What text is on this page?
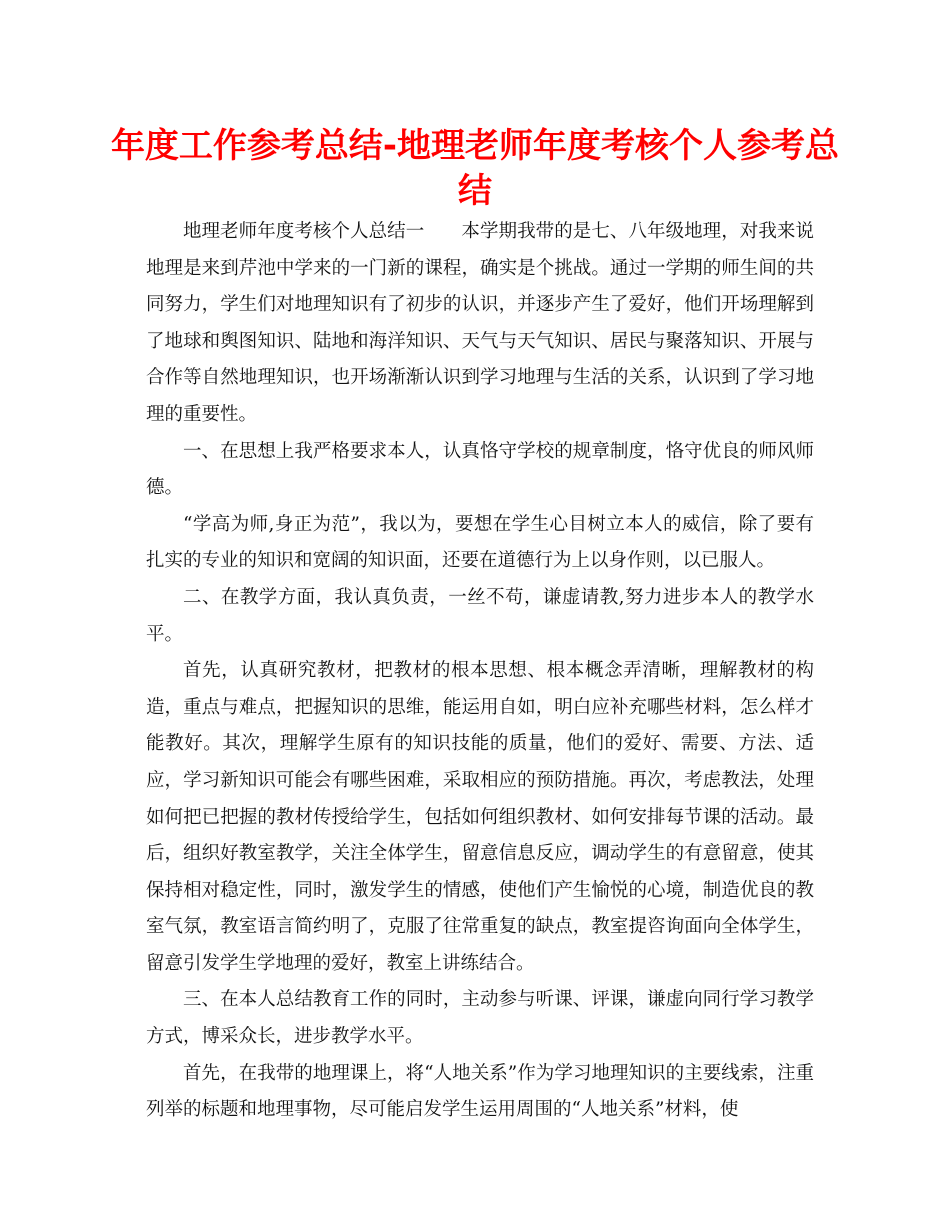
年度工作参考总结-地理老师年度考核个人参考总结

地理老师年度考核个人总结一　　本学期我带的是七、八年级地理，对我来说地理是来到芹池中学来的一门新的课程，确实是个挑战。通过一学期的师生间的共同努力，学生们对地理知识有了初步的认识，并逐步产生了爱好，他们开场理解到了地球和舆图知识、陆地和海洋知识、天气与天气知识、居民与聚落知识、开展与合作等自然地理知识，也开场渐渐认识到学习地理与生活的关系，认识到了学习地理的重要性。

一、在思想上我严格要求本人，认真恪守学校的规章制度，恪守优良的师风师德。

“学高为师,身正为范”，我以为，要想在学生心目树立本人的威信，除了要有扎实的专业的知识和宽阔的知识面，还要在道德行为上以身作则，以已服人。

二、在教学方面，我认真负责，一丝不苟，谦虚请教,努力进步本人的教学水平。

首先，认真研究教材，把教材的根本思想、根本概念弄清晰，理解教材的构造，重点与难点，把握知识的思维，能运用自如，明白应补充哪些材料，怎么样才能教好。其次，理解学生原有的知识技能的质量，他们的爱好、需要、方法、适应，学习新知识可能会有哪些困难，采取相应的预防措施。再次，考虑教法，处理如何把已把握的教材传授给学生，包括如何组织教材、如何安排每节课的活动。最后，组织好教室教学，关注全体学生，留意信息反应，调动学生的有意留意，使其保持相对稳定性，同时，激发学生的情感，使他们产生愉悦的心境，制造优良的教室气氛，教室语言简约明了，克服了往常重复的缺点，教室提咨询面向全体学生，留意引发学生学地理的爱好，教室上讲练结合。

三、在本人总结教育工作的同时，主动参与听课、评课，谦虚向同行学习教学方式，博采众长，进步教学水平。

首先，在我带的地理课上，将“人地关系”作为学习地理知识的主要线索，注重列举的标题和地理事物，尽可能启发学生运用周围的“人地关系”材料，使
